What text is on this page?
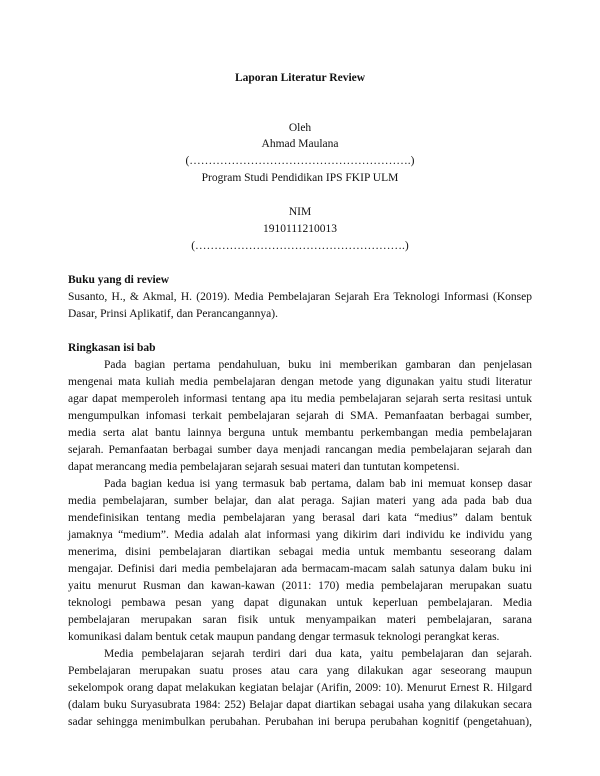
Laporan Literatur Review
Oleh
Ahmad Maulana
(………………………………………………….)
Program Studi Pendidikan IPS FKIP ULM
NIM
1910111210013
(……………………………………………….)
Buku yang di review
Susanto, H., & Akmal, H. (2019). Media Pembelajaran Sejarah Era Teknologi Informasi (Konsep
Dasar, Prinsi Aplikatif, dan Perancangannya).
Ringkasan isi bab
Pada bagian pertama pendahuluan, buku ini memberikan gambaran dan penjelasan
mengenai mata kuliah media pembelajaran dengan metode yang digunakan yaitu studi literatur
agar dapat memperoleh informasi tentang apa itu media pembelajaran sejarah serta resitasi untuk
mengumpulkan infomasi terkait pembelajaran sejarah di SMA. Pemanfaatan berbagai sumber,
media serta alat bantu lainnya berguna untuk membantu perkembangan media pembelajaran
sejarah. Pemanfaatan berbagai sumber daya menjadi rancangan media pembelajaran sejarah dan
dapat merancang media pembelajaran sejarah sesuai materi dan tuntutan kompetensi.
Pada bagian kedua isi yang termasuk bab pertama, dalam bab ini memuat konsep dasar
media pembelajaran, sumber belajar, dan alat peraga. Sajian materi yang ada pada bab dua
mendefinisikan tentang media pembelajaran yang berasal dari kata “medius” dalam bentuk
jamaknya “medium”. Media adalah alat informasi yang dikirim dari individu ke individu yang
menerima, disini pembelajaran diartikan sebagai media untuk membantu seseorang dalam
mengajar. Definisi dari media pembelajaran ada bermacam-macam salah satunya dalam buku ini
yaitu menurut Rusman dan kawan-kawan (2011: 170) media pembelajaran merupakan suatu
teknologi pembawa pesan yang dapat digunakan untuk keperluan pembelajaran. Media
pembelajaran merupakan saran fisik untuk menyampaikan materi pembelajaran, sarana
komunikasi dalam bentuk cetak maupun pandang dengar termasuk teknologi perangkat keras.
Media pembelajaran sejarah terdiri dari dua kata, yaitu pembelajaran dan sejarah.
Pembelajaran merupakan suatu proses atau cara yang dilakukan agar seseorang maupun
sekelompok orang dapat melakukan kegiatan belajar (Arifin, 2009: 10). Menurut Ernest R. Hilgard
(dalam buku Suryasubrata 1984: 252) Belajar dapat diartikan sebagai usaha yang dilakukan secara
sadar sehingga menimbulkan perubahan. Perubahan ini berupa perubahan kognitif (pengetahuan),
